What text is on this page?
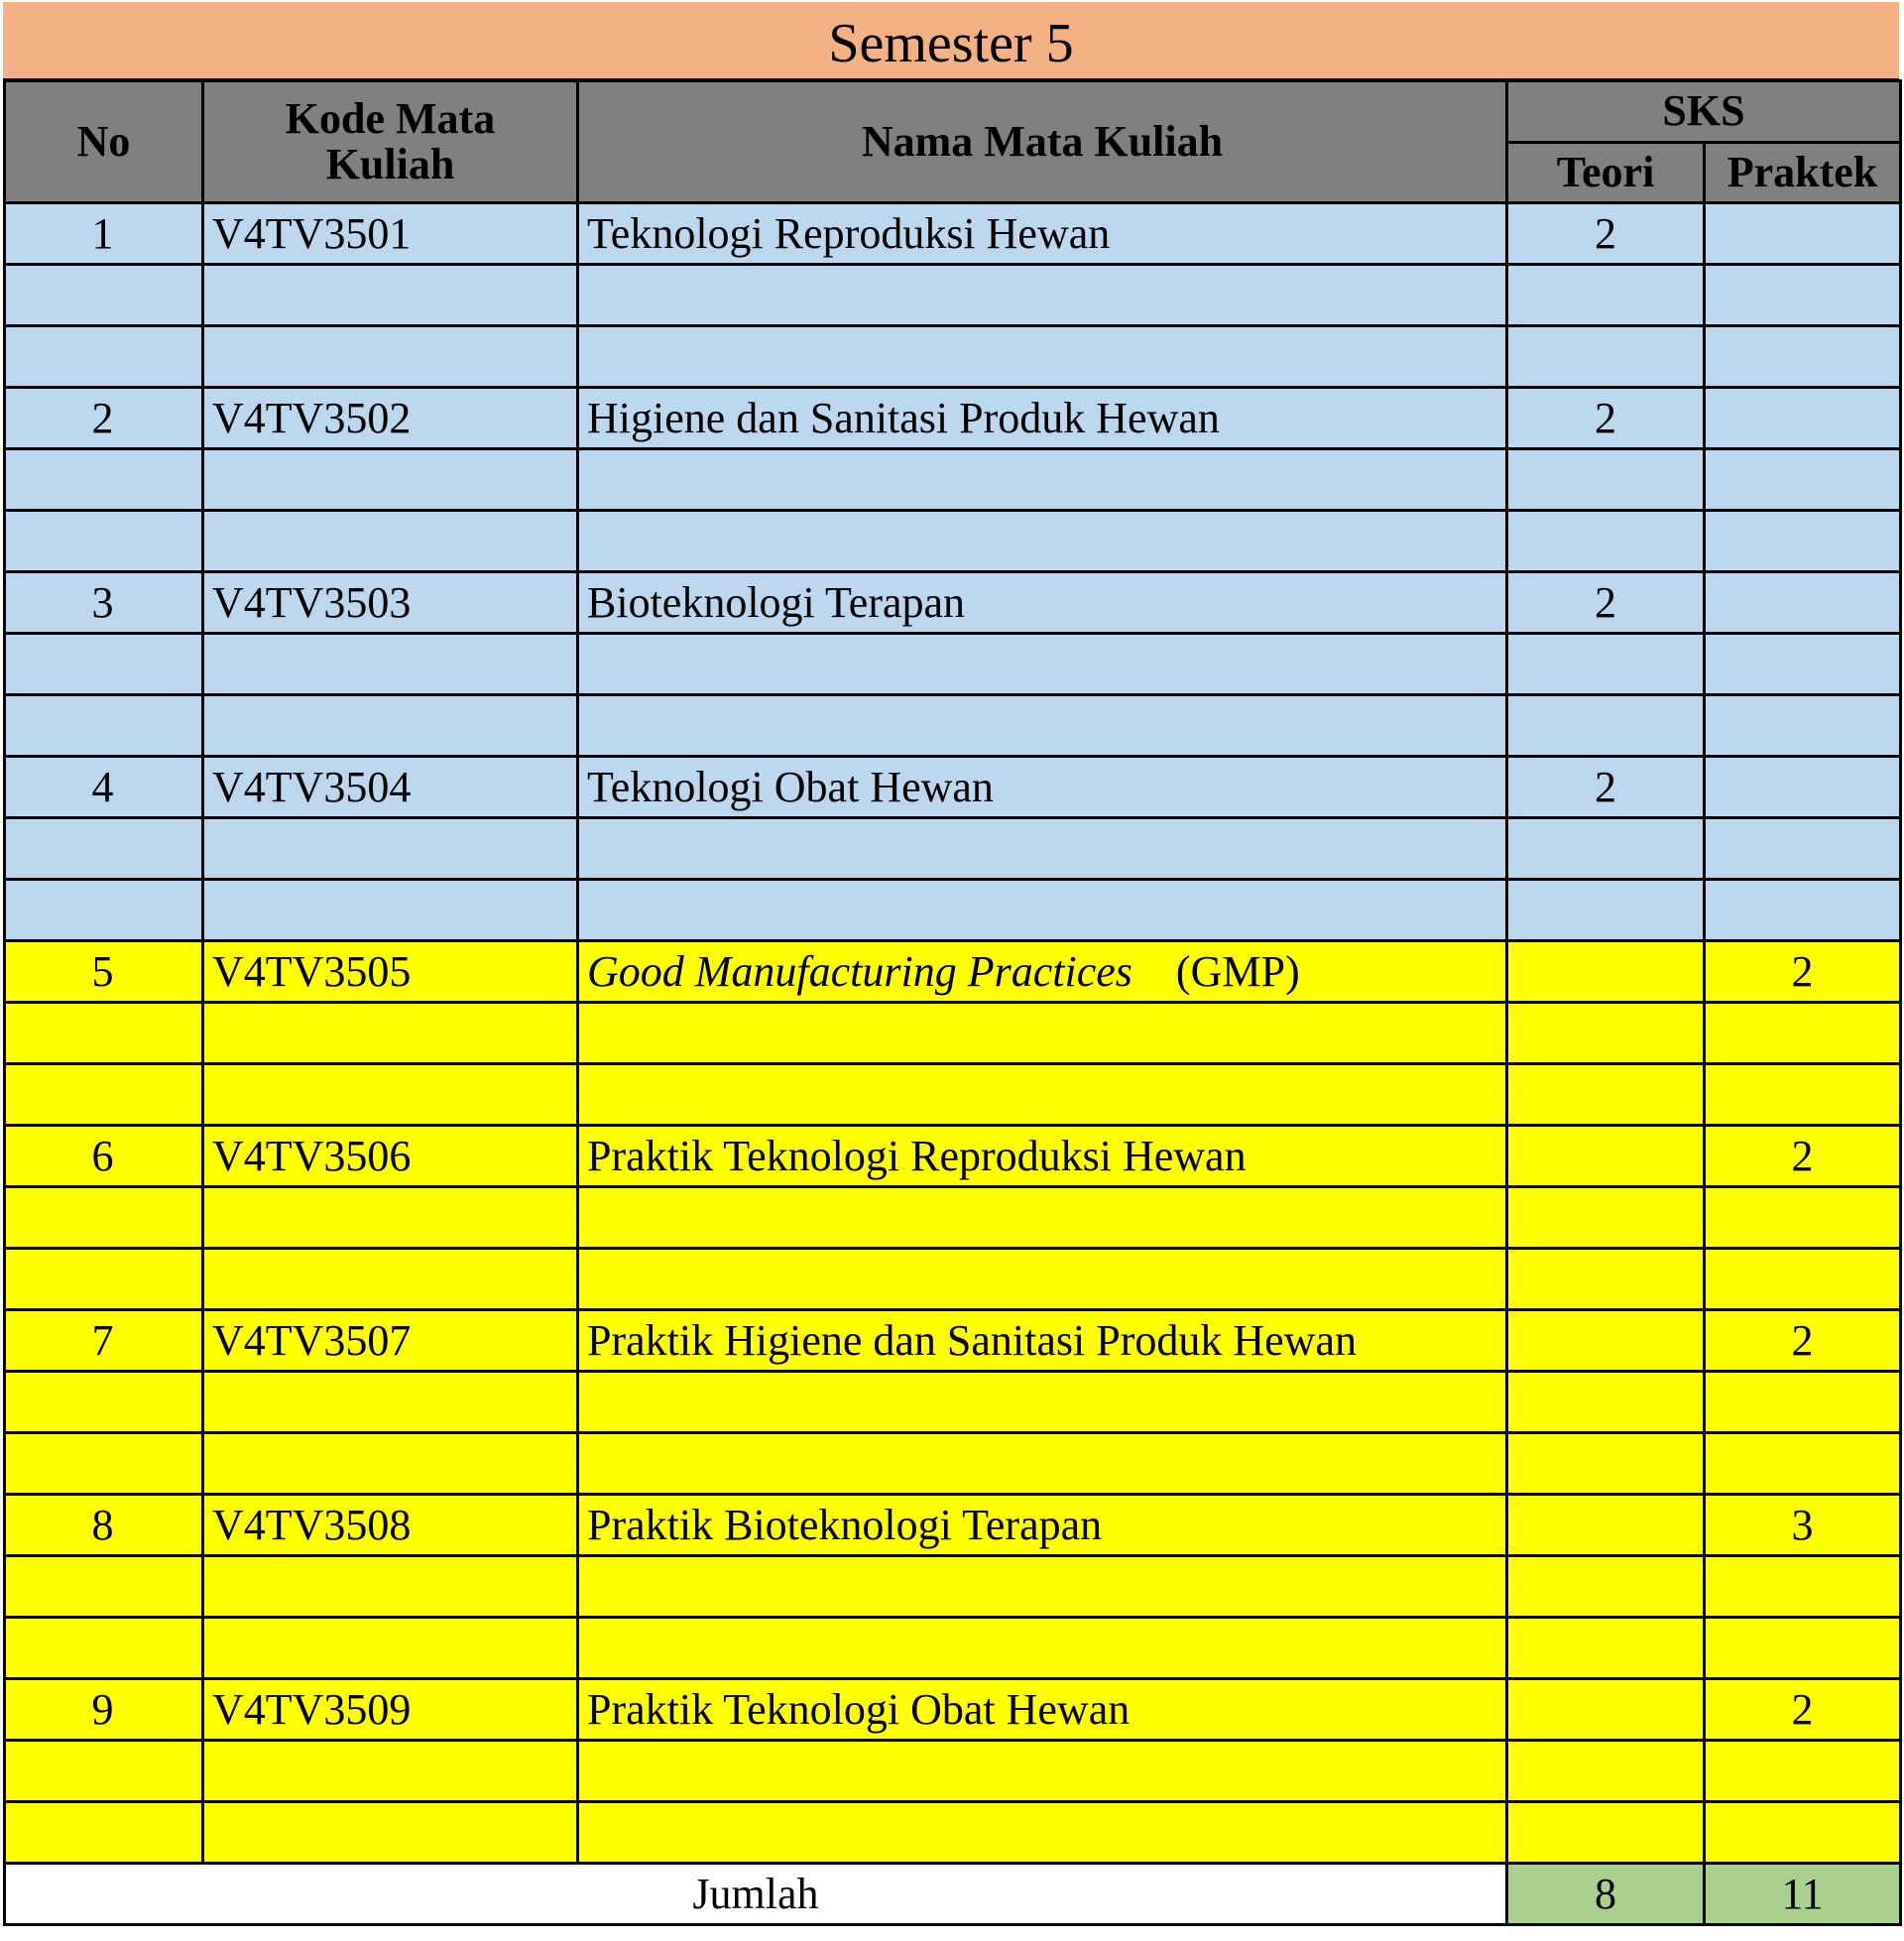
Semester 5
No	Kode Mata Kuliah	Nama Mata Kuliah	SKS	
			Teori	Praktek
1	V4TV3501	Teknologi Reproduksi Hewan	2	

2	V4TV3502	Higiene dan Sanitasi Produk Hewan	2	

3	V4TV3503	Bioteknologi Terapan	2	

4	V4TV3504	Teknologi Obat Hewan	2	

5	V4TV3505	Good Manufacturing Practices (GMP)		2

6	V4TV3506	Praktik Teknologi Reproduksi Hewan		2

7	V4TV3507	Praktik Higiene dan Sanitasi Produk Hewan		2

8	V4TV3508	Praktik Bioteknologi Terapan		3

9	V4TV3509	Praktik Teknologi Obat Hewan		2

Jumlah			8	11
